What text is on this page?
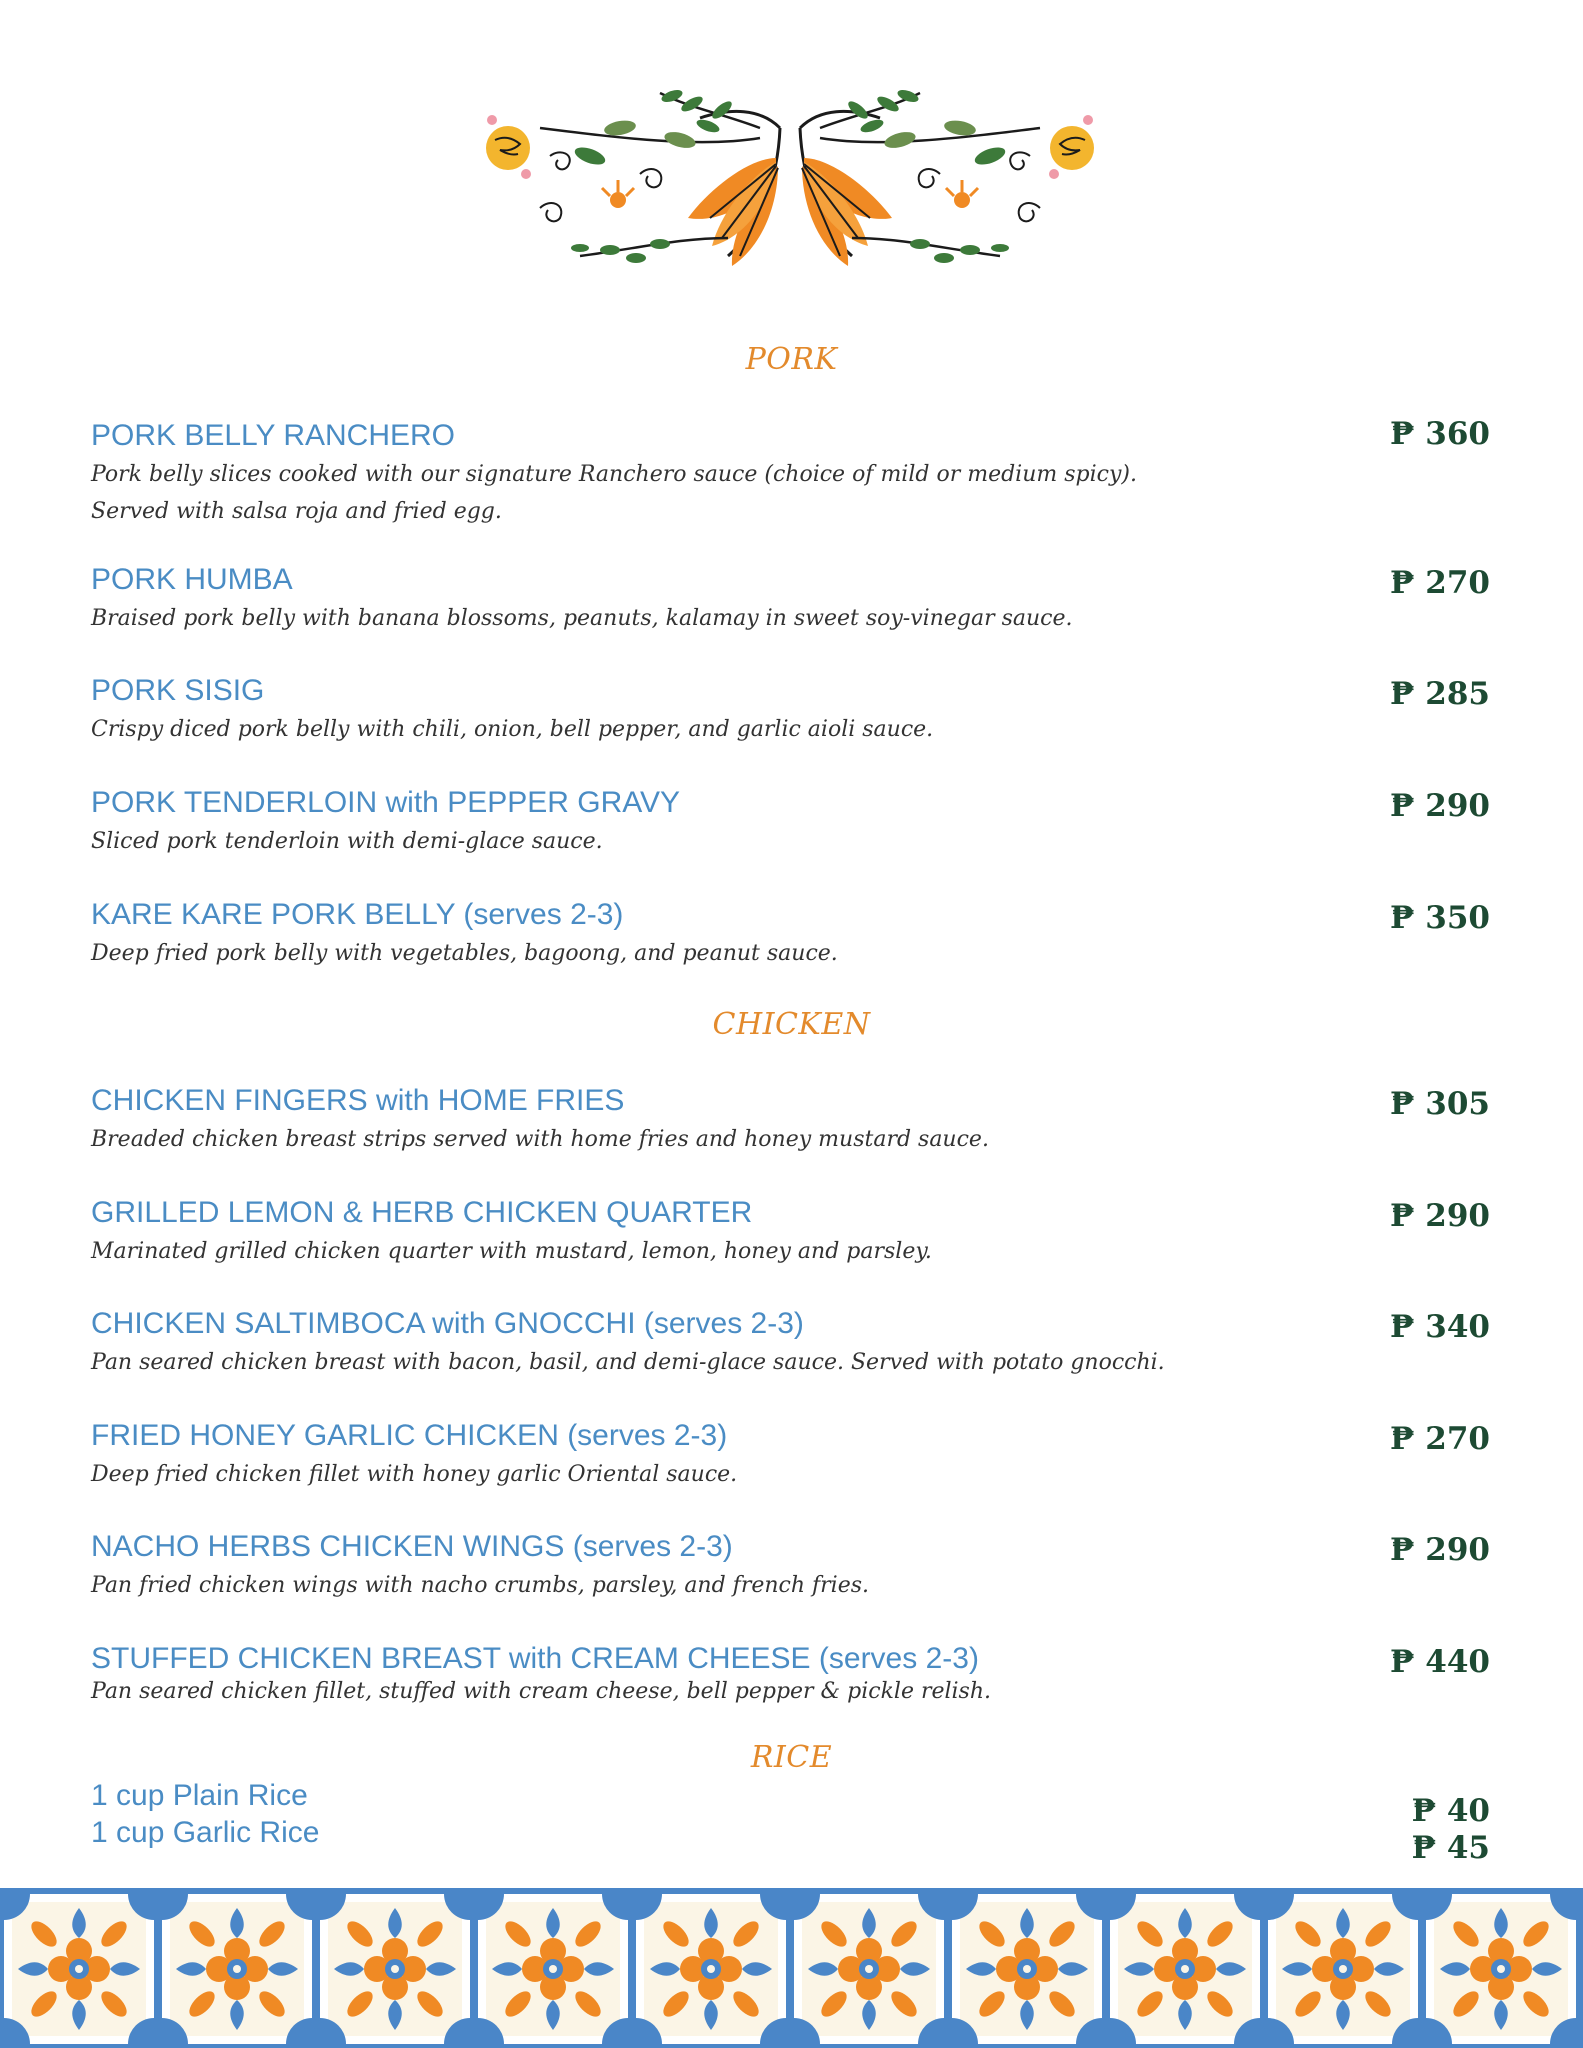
PORK
PORK BELLY RANCHERO
Pork belly slices cooked with our signature Ranchero sauce (choice of mild or medium spicy).
Served with salsa roja and fried egg.
₱ 360
PORK HUMBA
Braised pork belly with banana blossoms, peanuts, kalamay in sweet soy-vinegar sauce.
₱ 270
PORK SISIG
Crispy diced pork belly with chili, onion, bell pepper, and garlic aioli sauce.
₱ 285
PORK TENDERLOIN with PEPPER GRAVY
Sliced pork tenderloin with demi-glace sauce.
₱ 290
KARE KARE PORK BELLY (serves 2-3)
Deep fried pork belly with vegetables, bagoong, and peanut sauce.
₱ 350
CHICKEN
CHICKEN FINGERS with HOME FRIES
Breaded chicken breast strips served with home fries and honey mustard sauce.
₱ 305
GRILLED LEMON & HERB CHICKEN QUARTER
Marinated grilled chicken quarter with mustard, lemon, honey and parsley.
₱ 290
CHICKEN SALTIMBOCA with GNOCCHI (serves 2-3)
Pan seared chicken breast with bacon, basil, and demi-glace sauce. Served with potato gnocchi.
₱ 340
FRIED HONEY GARLIC CHICKEN (serves 2-3)
Deep fried chicken fillet with honey garlic Oriental sauce.
₱ 270
NACHO HERBS CHICKEN WINGS (serves 2-3)
Pan fried chicken wings with nacho crumbs, parsley, and french fries.
₱ 290
STUFFED CHICKEN BREAST with CREAM CHEESE (serves 2-3)
Pan seared chicken fillet, stuffed with cream cheese, bell pepper & pickle relish.
₱ 440
RICE
1 cup Plain Rice
1 cup Garlic Rice
₱ 40
₱ 45
